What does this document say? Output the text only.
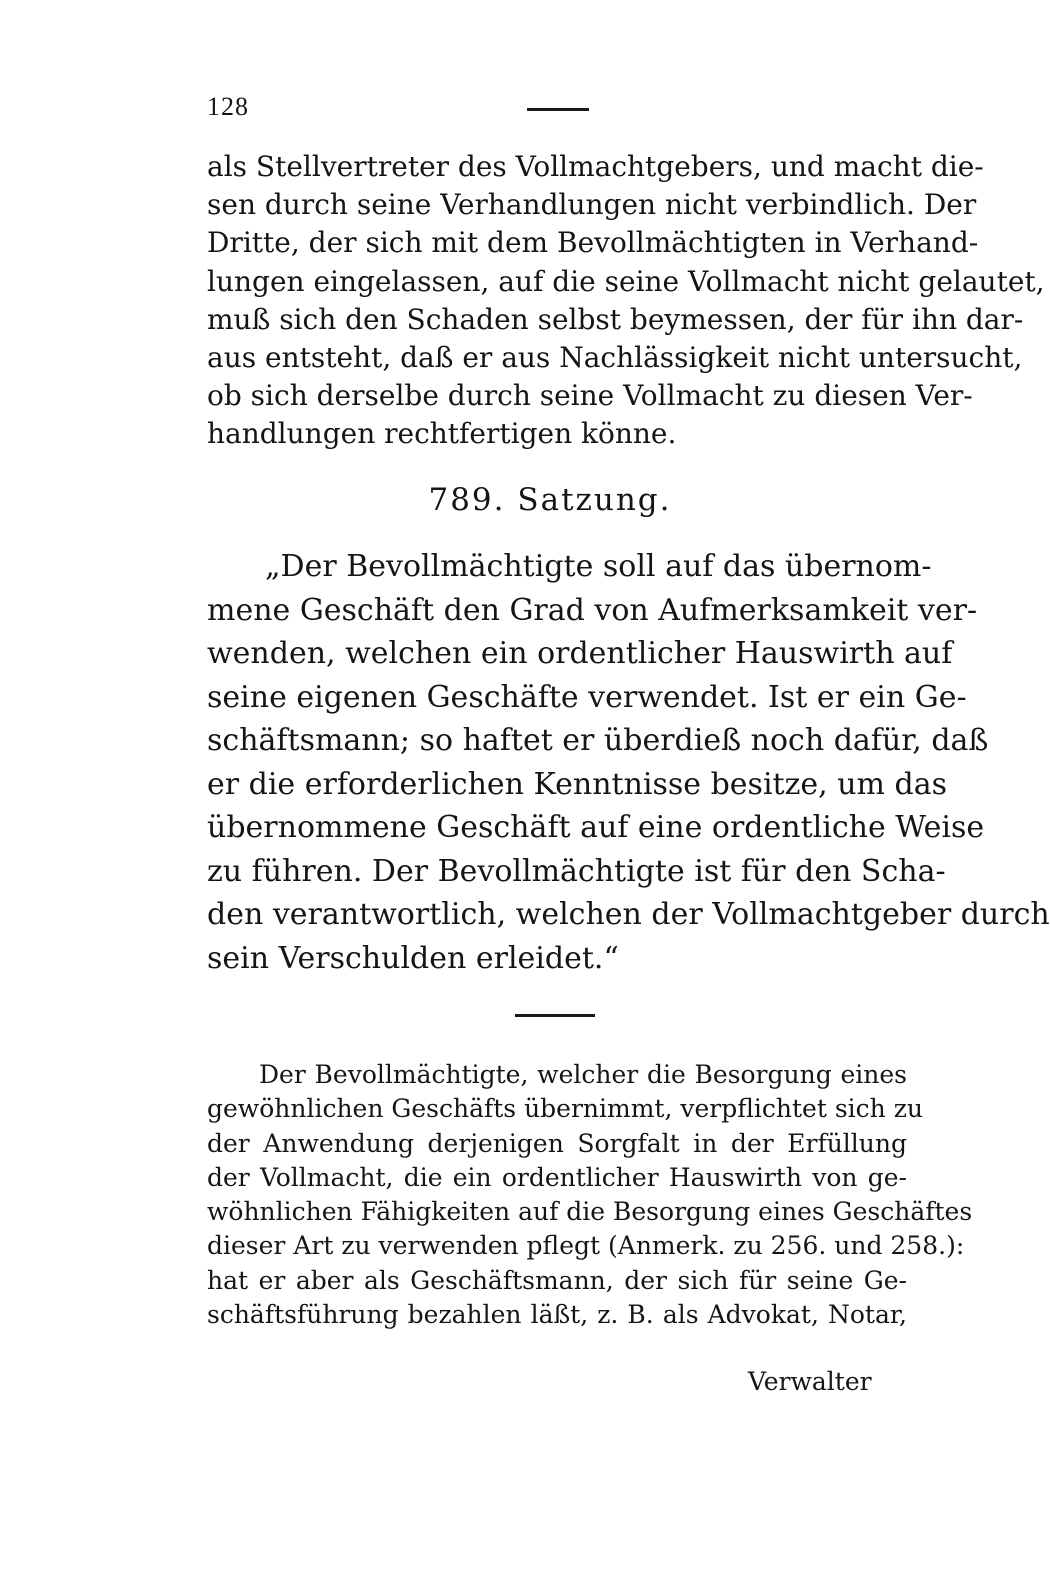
128
als Stellvertreter des Vollmachtgebers, und macht die-
sen durch seine Verhandlungen nicht verbindlich. Der
Dritte, der sich mit dem Bevollmächtigten in Verhand-
lungen eingelassen, auf die seine Vollmacht nicht gelautet,
muß sich den Schaden selbst beymessen, der für ihn dar-
aus entsteht, daß er aus Nachlässigkeit nicht untersucht,
ob sich derselbe durch seine Vollmacht zu diesen Ver-
handlungen rechtfertigen könne.
789. Satzung.
„Der Bevollmächtigte soll auf das übernom-
mene Geschäft den Grad von Aufmerksamkeit ver-
wenden, welchen ein ordentlicher Hauswirth auf
seine eigenen Geschäfte verwendet. Ist er ein Ge-
schäftsmann; so haftet er überdieß noch dafür, daß
er die erforderlichen Kenntnisse besitze, um das
übernommene Geschäft auf eine ordentliche Weise
zu führen. Der Bevollmächtigte ist für den Scha-
den verantwortlich, welchen der Vollmachtgeber durch
sein Verschulden erleidet.“
Der Bevollmächtigte, welcher die Besorgung eines
gewöhnlichen Geschäfts übernimmt, verpflichtet sich zu
der Anwendung derjenigen Sorgfalt in der Erfüllung
der Vollmacht, die ein ordentlicher Hauswirth von ge-
wöhnlichen Fähigkeiten auf die Besorgung eines Geschäftes
dieser Art zu verwenden pflegt (Anmerk. zu 256. und 258.):
hat er aber als Geschäftsmann, der sich für seine Ge-
schäftsführung bezahlen läßt, z. B. als Advokat, Notar,
Verwalter
